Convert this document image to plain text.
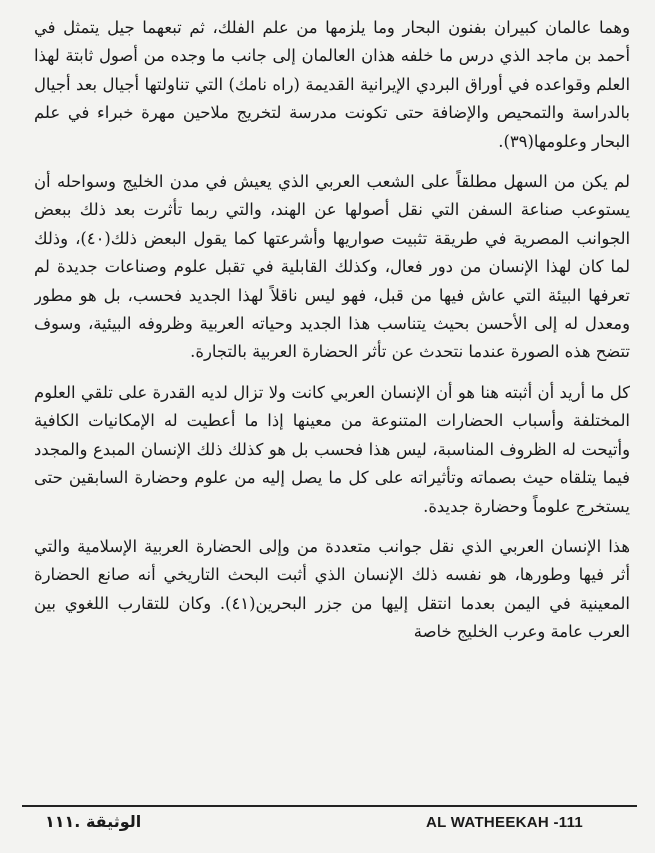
وهما عالمان كبيران بفنون البحار وما يلزمها من علم الفلك، ثم تبعهما جيل يتمثل في أحمد بن ماجد الذي درس ما خلفه هذان العالمان إلى جانب ما وجده من أصول ثابتة لهذا العلم وقواعده في أوراق البردي الإيرانية القديمة (راه نامك) التي تناولتها أجيال بعد أجيال بالدراسة والتمحيص والإضافة حتى تكونت مدرسة لتخريج ملاحين مهرة خبراء في علم البحار وعلومها(٣٩).

لم يكن من السهل مطلقاً على الشعب العربي الذي يعيش في مدن الخليج وسواحله أن يستوعب صناعة السفن التي نقل أصولها عن الهند، والتي ربما تأثرت بعد ذلك ببعض الجوانب المصرية في طريقة تثبيت صواريها وأشرعتها كما يقول البعض ذلك(٤٠)، وذلك لما كان لهذا الإنسان من دور فعال، وكذلك القابلية في تقبل علوم وصناعات جديدة لم تعرفها البيئة التي عاش فيها من قبل، فهو ليس ناقلاً لهذا الجديد فحسب، بل هو مطور ومعدل له إلى الأحسن بحيث يتناسب هذا الجديد وحياته العربية وظروفه البيئية، وسوف تتضح هذه الصورة عندما نتحدث عن تأثر الحضارة العربية بالتجارة.

كل ما أريد أن أثبته هنا هو أن الإنسان العربي كانت ولا تزال لديه القدرة على تلقي العلوم المختلفة وأسباب الحضارات المتنوعة من معينها إذا ما أعطيت له الإمكانيات الكافية وأتيحت له الظروف المناسبة، ليس هذا فحسب بل هو كذلك ذلك الإنسان المبدع والمجدد فيما يتلقاه حيث بصماته وتأثيراته على كل ما يصل إليه من علوم وحضارة السابقين حتى يستخرج علوماً وحضارة جديدة.

هذا الإنسان العربي الذي نقل جوانب متعددة من وإلى الحضارة العربية الإسلامية والتي أثر فيها وطورها، هو نفسه ذلك الإنسان الذي أثبت البحث التاريخي أنه صانع الحضارة المعينية في اليمن بعدما انتقل إليها من جزر البحرين(٤١). وكان للتقارب اللغوي بين العرب عامة وعرب الخليج خاصة

AL WATHEEKAH -111
الوثيقة .١١١
